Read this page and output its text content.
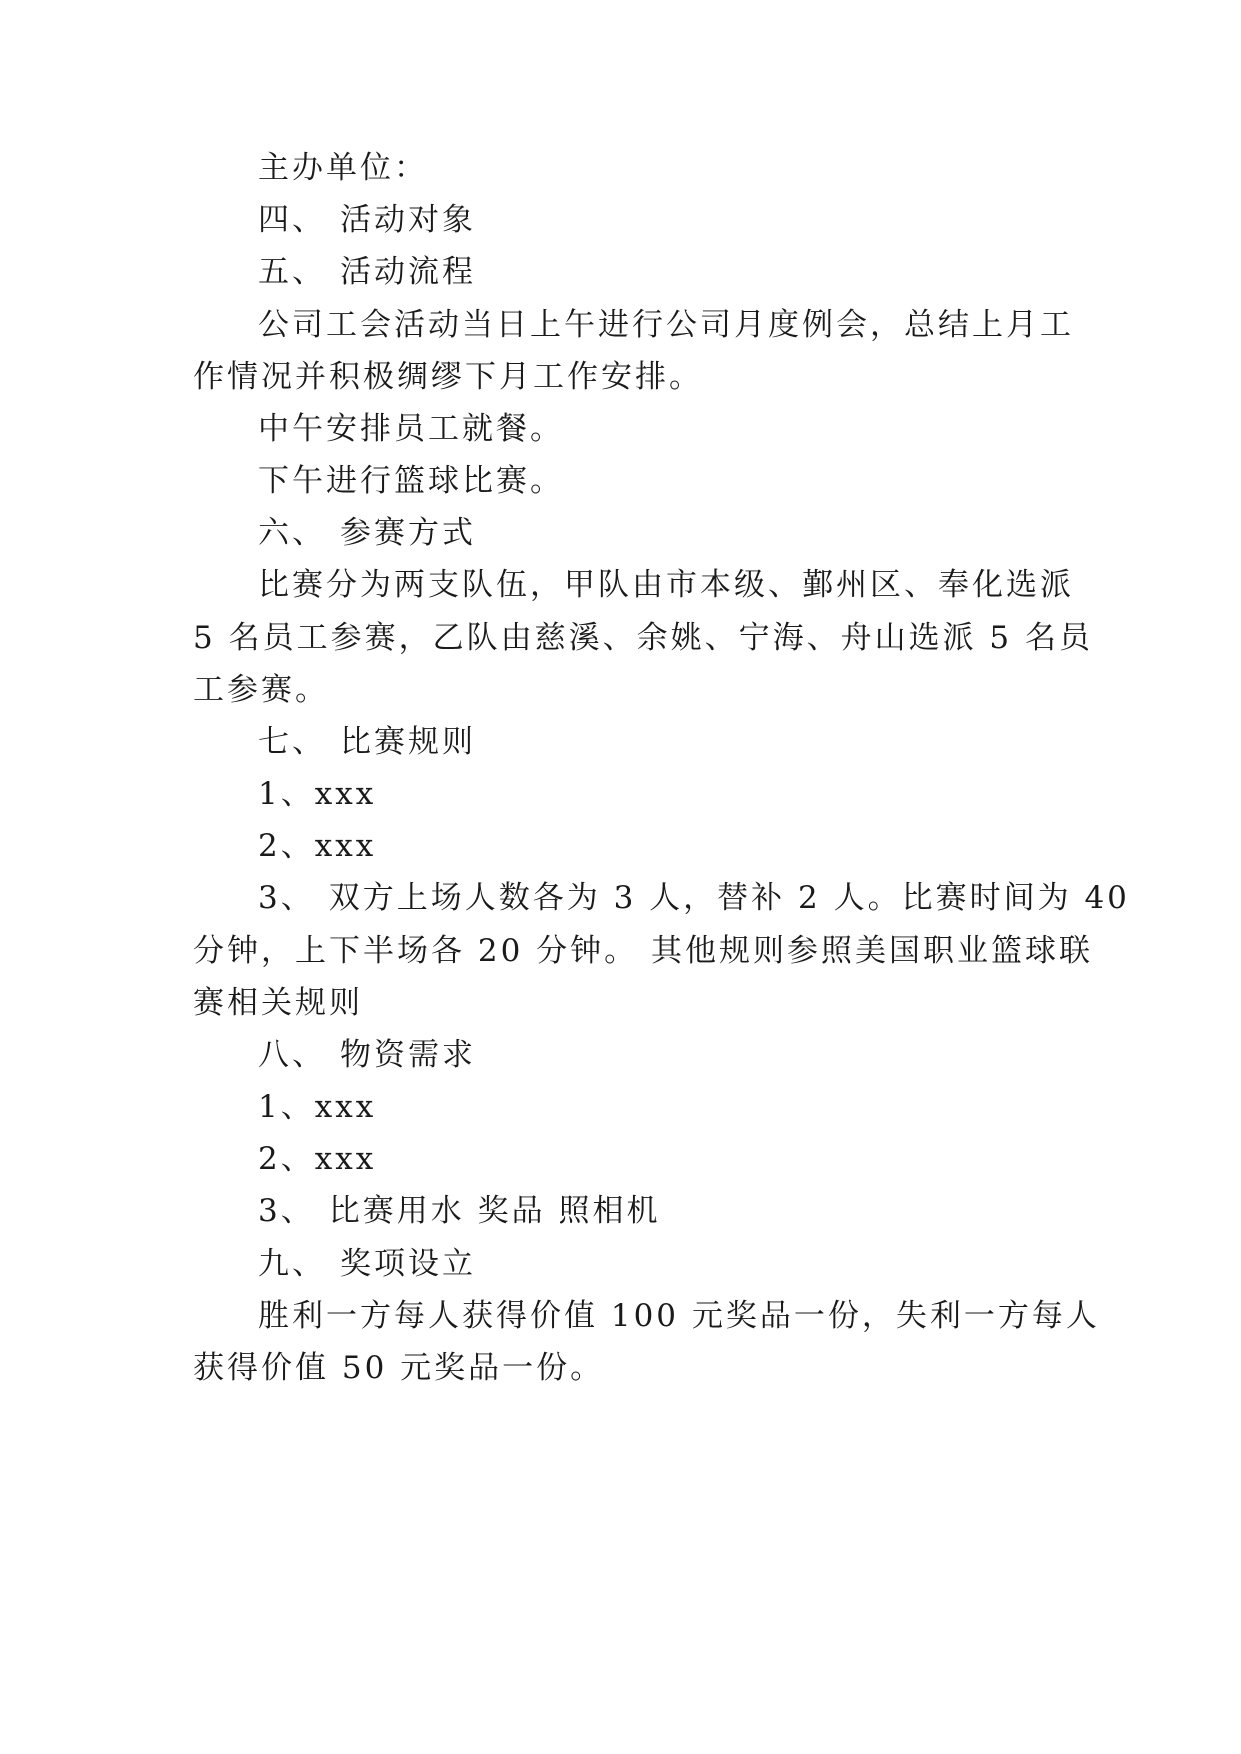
主办单位：
四、 活动对象
五、 活动流程
公司工会活动当日上午进行公司月度例会，总结上月工
作情况并积极绸缪下月工作安排。
中午安排员工就餐。
下午进行篮球比赛。
六、 参赛方式
比赛分为两支队伍，甲队由市本级、鄞州区、奉化选派
5 名员工参赛，乙队由慈溪、余姚、宁海、舟山选派 5 名员
工参赛。
七、 比赛规则
1、xxx
2、xxx
3、 双方上场人数各为 3 人，替补 2 人。比赛时间为 40
分钟，上下半场各 20 分钟。 其他规则参照美国职业篮球联
赛相关规则
八、 物资需求
1、xxx
2、xxx
3、 比赛用水 奖品 照相机
九、 奖项设立
胜利一方每人获得价值 100 元奖品一份，失利一方每人
获得价值 50 元奖品一份。
